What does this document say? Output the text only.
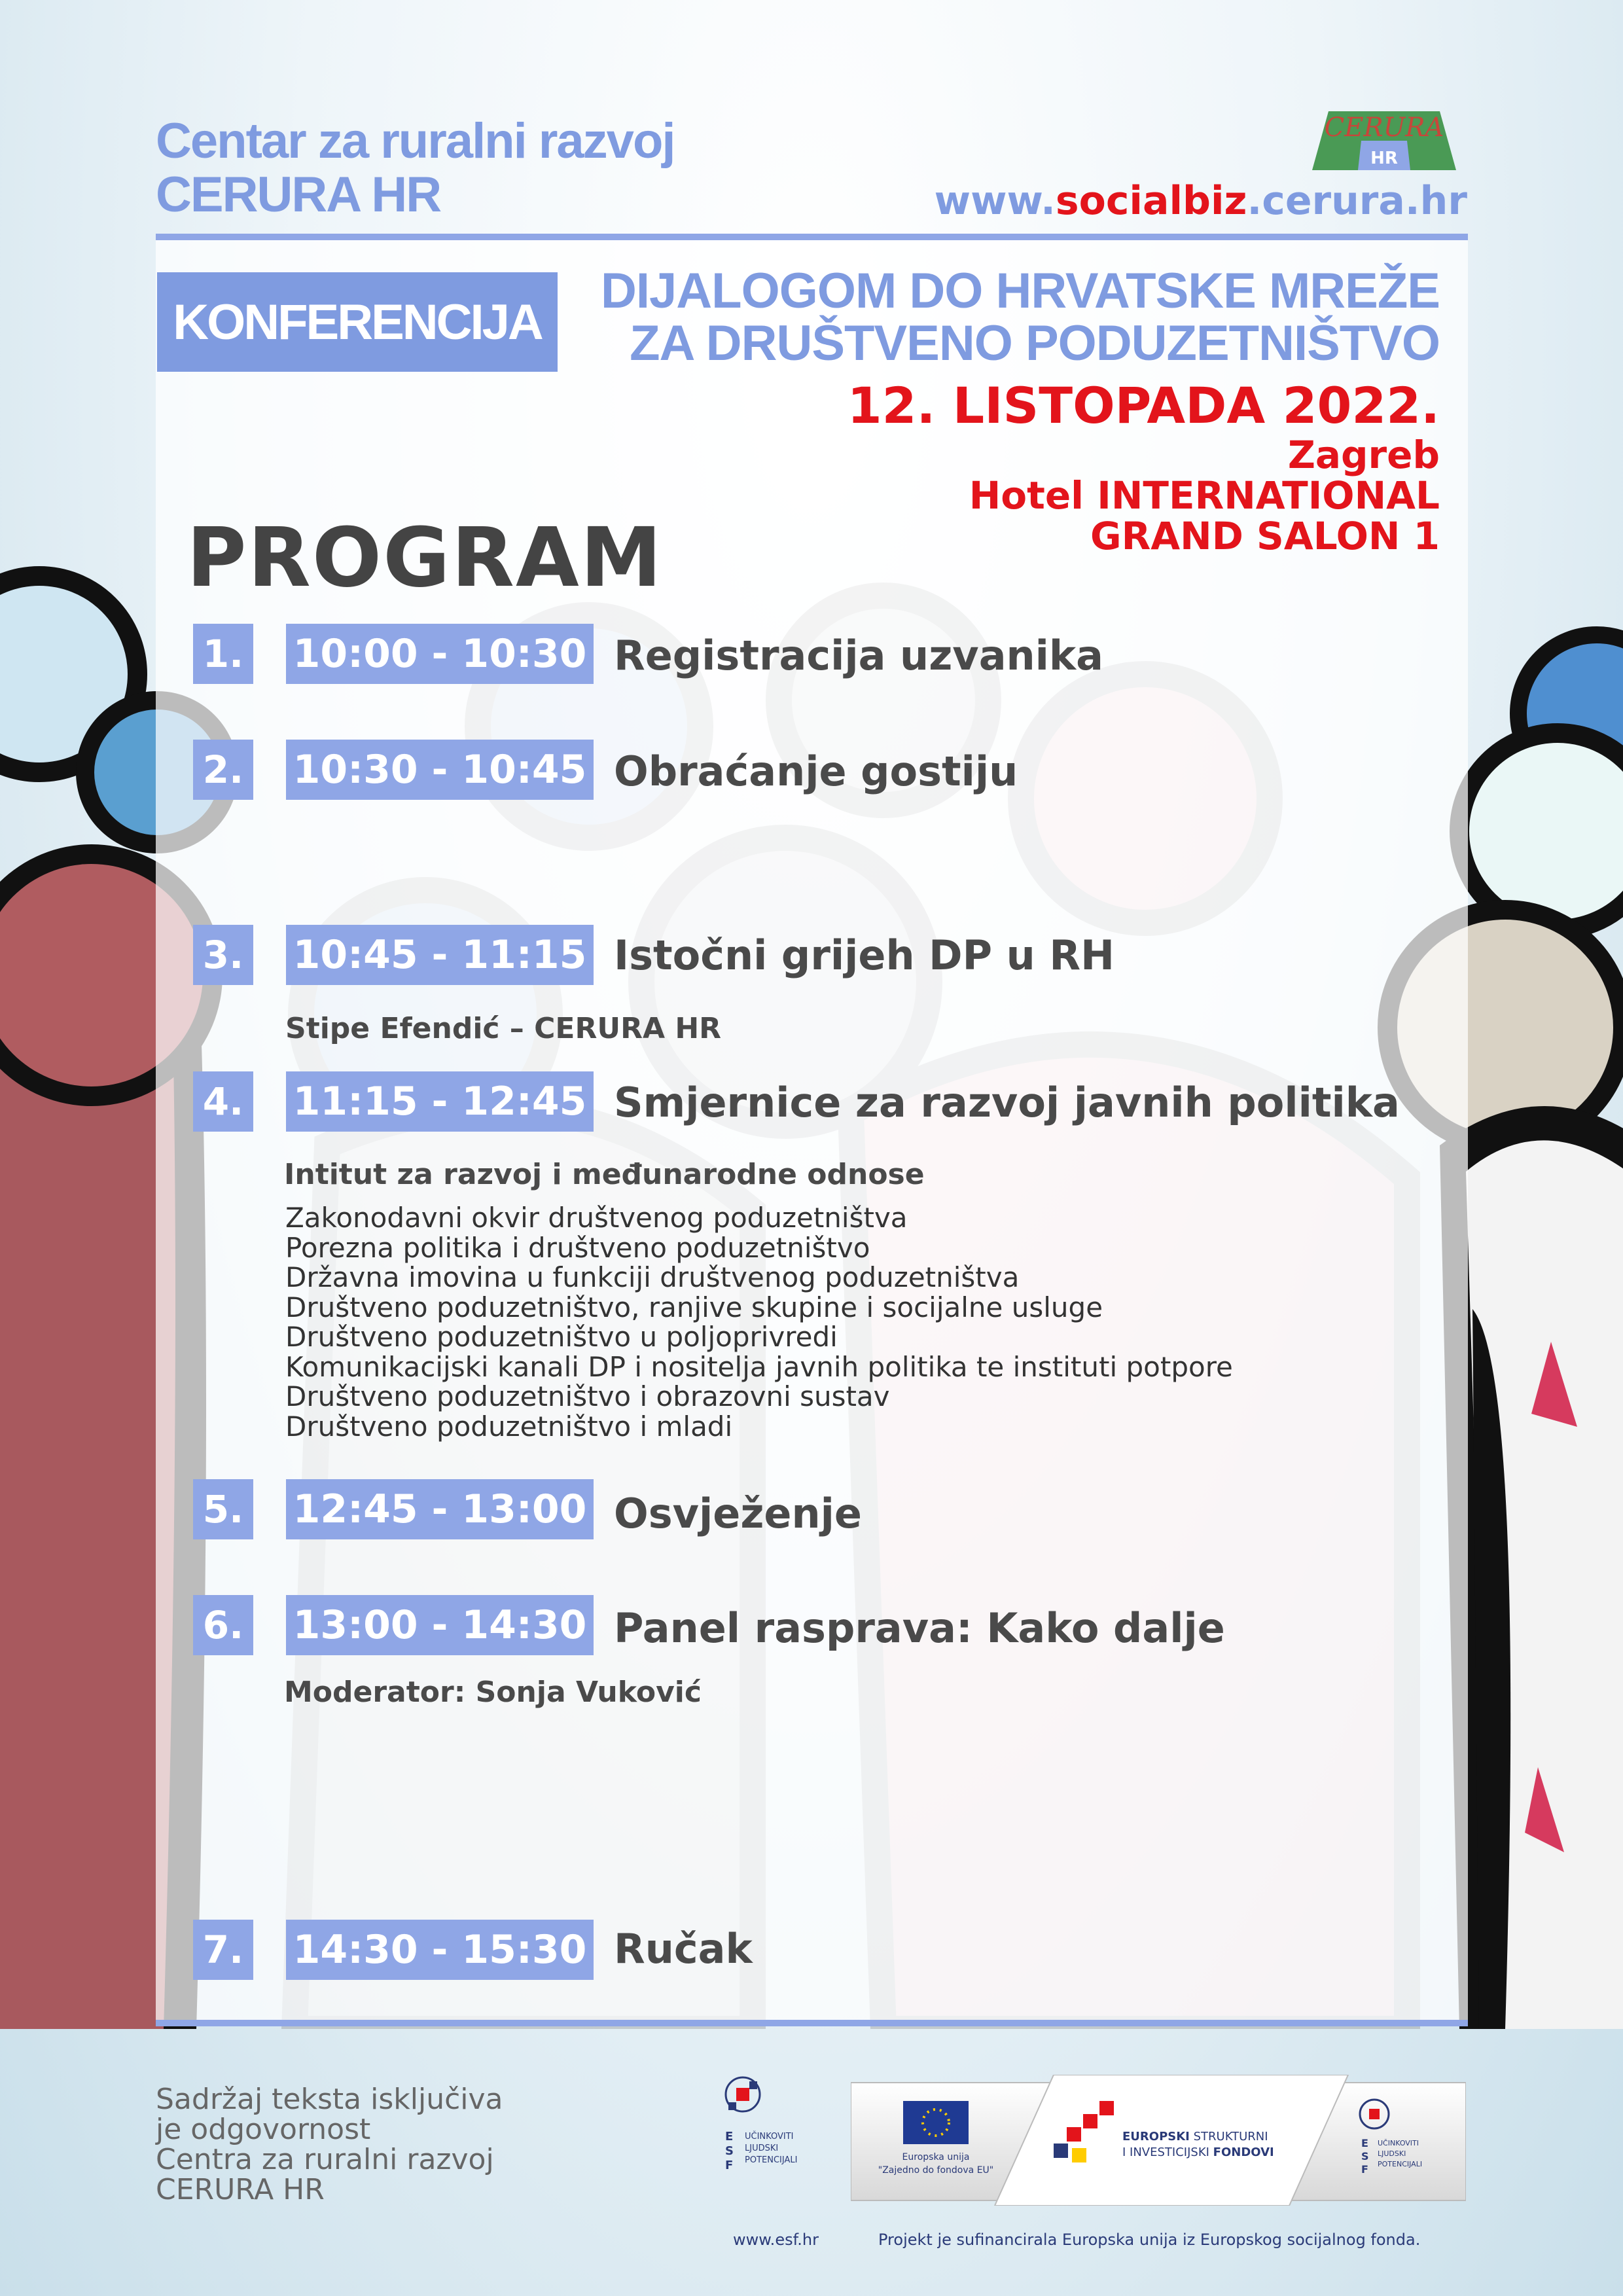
Centar za ruralni razvoj
CERURA HR
CERURA
HR
www.socialbiz.cerura.hr
KONFERENCIJA
DIJALOGOM DO HRVATSKE MREŽE
ZA DRUŠTVENO PODUZETNIŠTVO
12. LISTOPADA 2022.
Zagreb
Hotel INTERNATIONAL
GRAND SALON 1
PROGRAM
1. 10:00 - 10:30 Registracija uzvanika
2. 10:30 - 10:45 Obraćanje gostiju
3. 10:45 - 11:15 Istočni grijeh DP u RH
Stipe Efendić – CERURA HR
4. 11:15 - 12:45 Smjernice za razvoj javnih politika
Intitut za razvoj i međunarodne odnose
Zakonodavni okvir društvenog poduzetništva
Porezna politika i društveno poduzetništvo
Državna imovina u funkciji društvenog poduzetništva
Društveno poduzetništvo, ranjive skupine i socijalne usluge
Društveno poduzetništvo u poljoprivredi
Komunikacijski kanali DP i nositelja javnih politika te instituti potpore
Društveno poduzetništvo i obrazovni sustav
Društveno poduzetništvo i mladi
5. 12:45 - 13:00 Osvježenje
6. 13:00 - 14:30 Panel rasprava: Kako dalje
Moderator: Sonja Vuković
7. 14:30 - 15:30 Ručak
Sadržaj teksta isključiva
je odgovornost
Centra za ruralni razvoj
CERURA HR
E
S
F
UČINKOVITI
LJUDSKI
POTENCIJALI	Europska unija
"Zajedno do fondova EU"
EUROPSKI STRUKTURNI
I INVESTICIJSKI FONDOVI
E
S
F
UČINKOVITI
LJUDSKI
POTENCIJALI
www.esf.hr	Projekt je sufinancirala Europska unija iz Europskog socijalnog fonda.
